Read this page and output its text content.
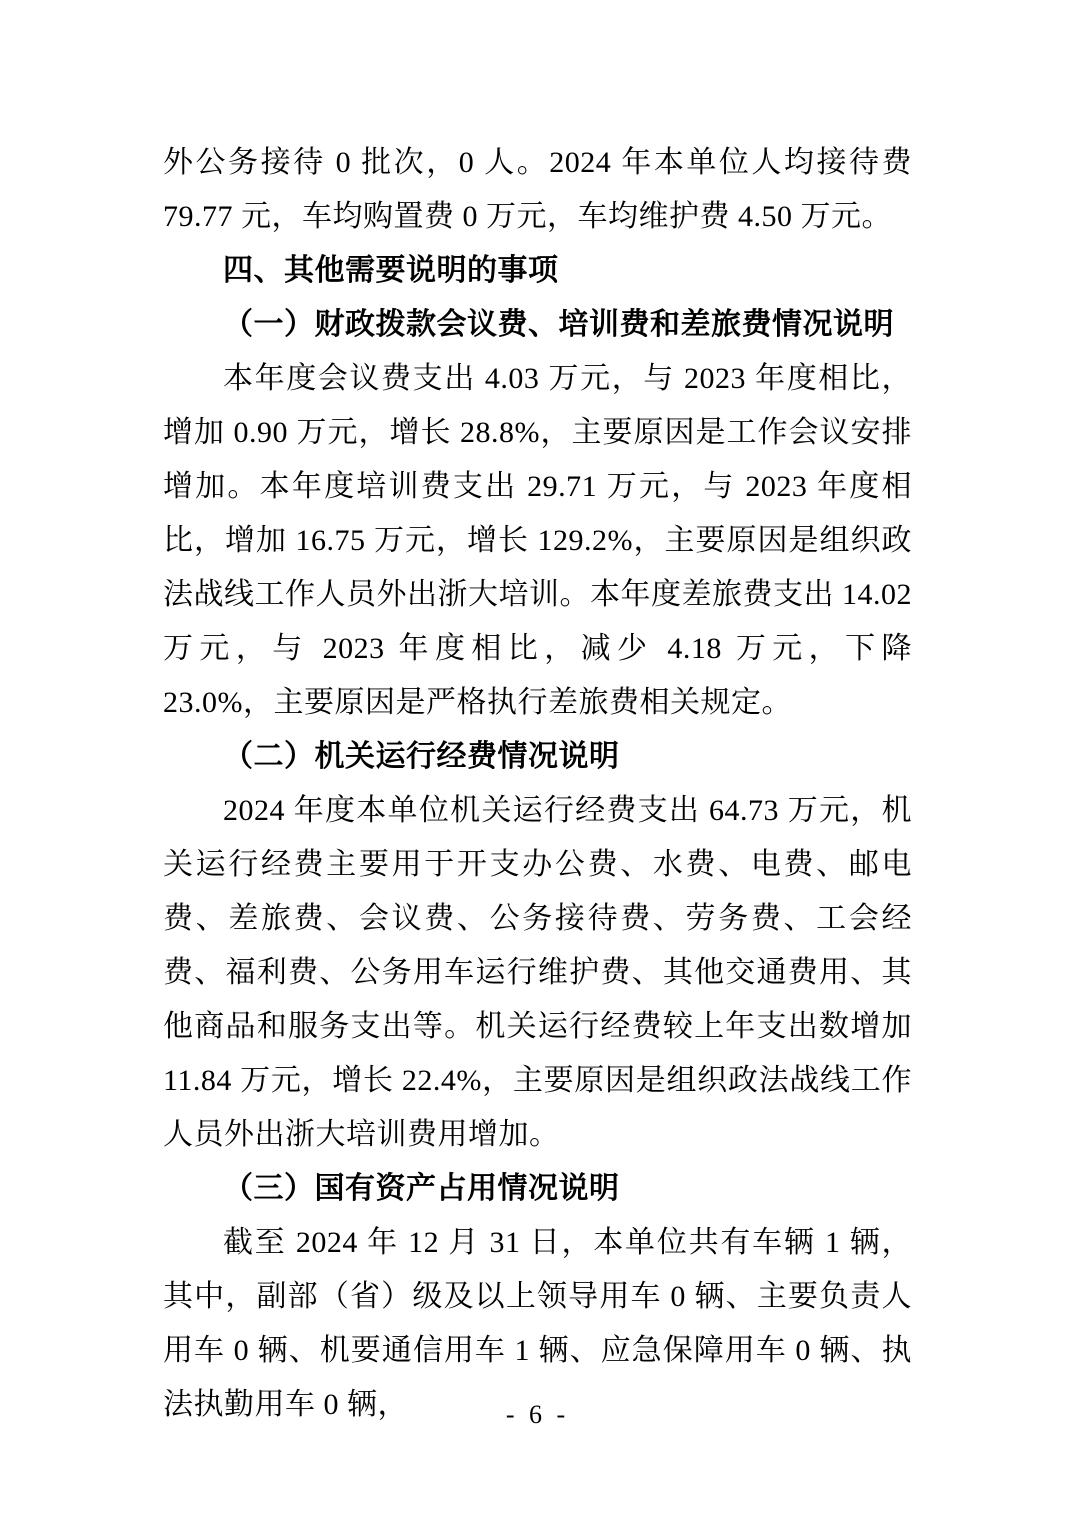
外公务接待 0 批次，0 人。2024 年本单位人均接待费 79.77 元，车均购置费 0 万元，车均维护费 4.50 万元。

四、其他需要说明的事项
（一）财政拨款会议费、培训费和差旅费情况说明

本年度会议费支出 4.03 万元，与 2023 年度相比，增加 0.90 万元，增长 28.8%，主要原因是工作会议安排增加。本年度培训费支出 29.71 万元，与 2023 年度相比，增加 16.75 万元，增长 129.2%，主要原因是组织政法战线工作人员外出浙大培训。本年度差旅费支出 14.02 万元，与 2023 年度相比，减少 4.18 万元，下降 23.0%，主要原因是严格执行差旅费相关规定。

（二）机关运行经费情况说明

2024 年度本单位机关运行经费支出 64.73 万元，机关运行经费主要用于开支办公费、水费、电费、邮电费、差旅费、会议费、公务接待费、劳务费、工会经费、福利费、公务用车运行维护费、其他交通费用、其他商品和服务支出等。机关运行经费较上年支出数增加 11.84 万元，增长 22.4%，主要原因是组织政法战线工作人员外出浙大培训费用增加。

（三）国有资产占用情况说明

截至 2024 年 12 月 31 日，本单位共有车辆 1 辆，其中，副部（省）级及以上领导用车 0 辆、主要负责人用车 0 辆、机要通信用车 1 辆、应急保障用车 0 辆、执法执勤用车 0 辆，	- 6 -
